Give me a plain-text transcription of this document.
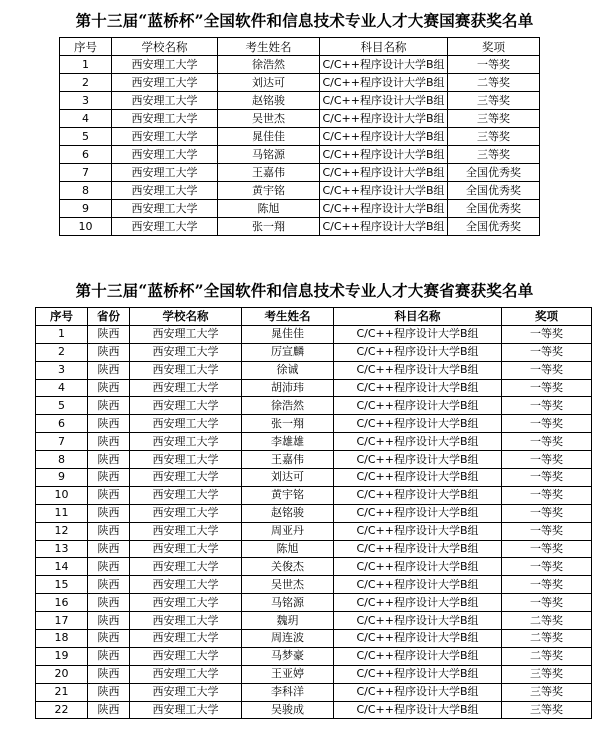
第十三届“蓝桥杯”全国软件和信息技术专业人才大赛国赛获奖名单
序号	学校名称	考生姓名	科目名称	奖项
1	西安理工大学	徐浩然	C/C++程序设计大学B组	一等奖
2	西安理工大学	刘达可	C/C++程序设计大学B组	二等奖
3	西安理工大学	赵铭骏	C/C++程序设计大学B组	三等奖
4	西安理工大学	吴世杰	C/C++程序设计大学B组	三等奖
5	西安理工大学	晁佳佳	C/C++程序设计大学B组	三等奖
6	西安理工大学	马铭源	C/C++程序设计大学B组	三等奖
7	西安理工大学	王嘉伟	C/C++程序设计大学B组	全国优秀奖
8	西安理工大学	黄宇铭	C/C++程序设计大学B组	全国优秀奖
9	西安理工大学	陈旭	C/C++程序设计大学B组	全国优秀奖
10	西安理工大学	张一翔	C/C++程序设计大学B组	全国优秀奖
第十三届“蓝桥杯”全国软件和信息技术专业人才大赛省赛获奖名单
序号	省份	学校名称	考生姓名	科目名称	奖项
1	陕西	西安理工大学	晁佳佳	C/C++程序设计大学B组	一等奖
2	陕西	西安理工大学	厉宣麟	C/C++程序设计大学B组	一等奖
3	陕西	西安理工大学	徐诚	C/C++程序设计大学B组	一等奖
4	陕西	西安理工大学	胡沛玮	C/C++程序设计大学B组	一等奖
5	陕西	西安理工大学	徐浩然	C/C++程序设计大学B组	一等奖
6	陕西	西安理工大学	张一翔	C/C++程序设计大学B组	一等奖
7	陕西	西安理工大学	李雄雄	C/C++程序设计大学B组	一等奖
8	陕西	西安理工大学	王嘉伟	C/C++程序设计大学B组	一等奖
9	陕西	西安理工大学	刘达可	C/C++程序设计大学B组	一等奖
10	陕西	西安理工大学	黄宇铭	C/C++程序设计大学B组	一等奖
11	陕西	西安理工大学	赵铭骏	C/C++程序设计大学B组	一等奖
12	陕西	西安理工大学	周亚丹	C/C++程序设计大学B组	一等奖
13	陕西	西安理工大学	陈旭	C/C++程序设计大学B组	一等奖
14	陕西	西安理工大学	关俊杰	C/C++程序设计大学B组	一等奖
15	陕西	西安理工大学	吴世杰	C/C++程序设计大学B组	一等奖
16	陕西	西安理工大学	马铭源	C/C++程序设计大学B组	一等奖
17	陕西	西安理工大学	魏玥	C/C++程序设计大学B组	二等奖
18	陕西	西安理工大学	周连波	C/C++程序设计大学B组	二等奖
19	陕西	西安理工大学	马梦豪	C/C++程序设计大学B组	二等奖
20	陕西	西安理工大学	王亚婷	C/C++程序设计大学B组	三等奖
21	陕西	西安理工大学	李科洋	C/C++程序设计大学B组	三等奖
22	陕西	西安理工大学	吴骏成	C/C++程序设计大学B组	三等奖
